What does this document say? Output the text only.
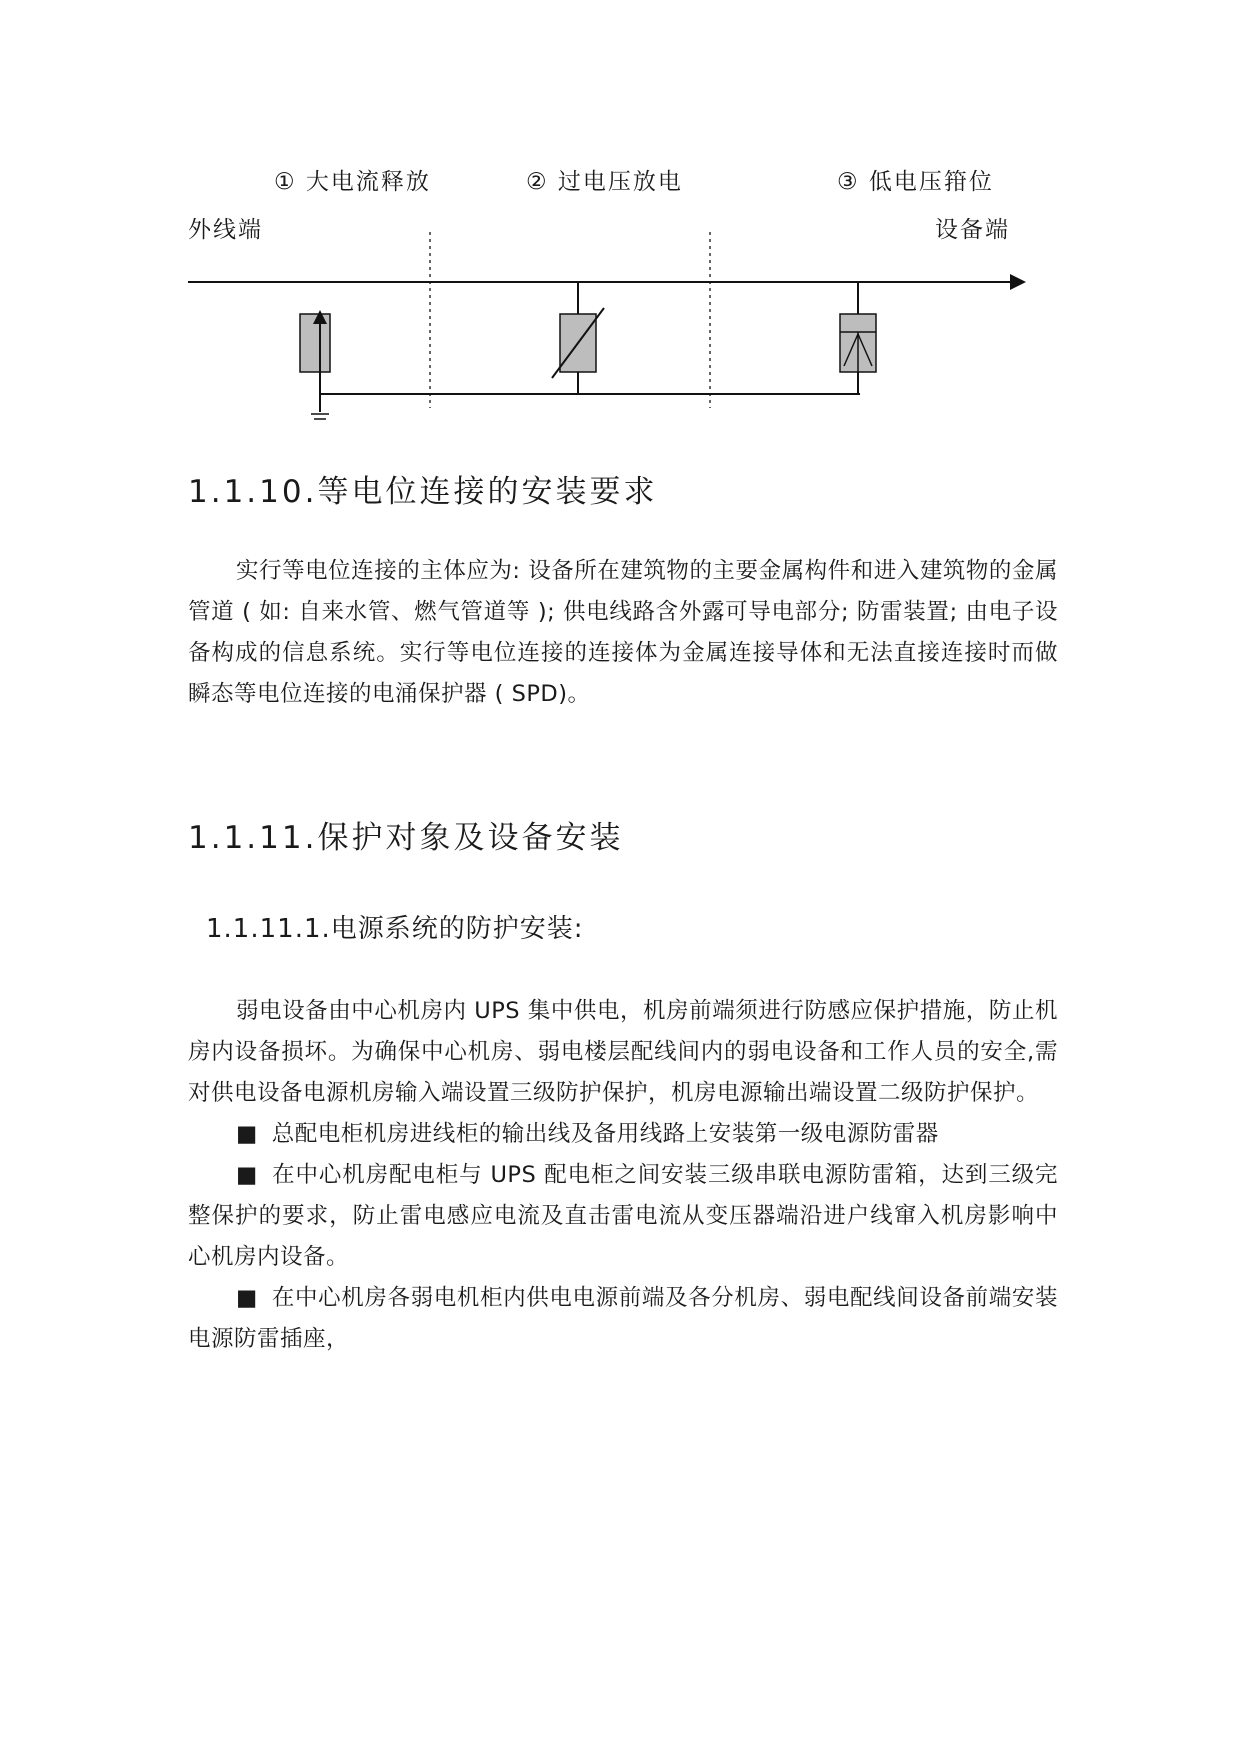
① 大电流释放	② 过电压放电	③ 低电压箝位
外线端	设备端
1.1.10.等电位连接的安装要求

实行等电位连接的主体应为: 设备所在建筑物的主要金属构件和进入建筑物的金属管道 ( 如: 自来水管、燃气管道等 ); 供电线路含外露可导电部分; 防雷装置; 由电子设备构成的信息系统。实行等电位连接的连接体为金属连接导体和无法直接连接时而做瞬态等电位连接的电涌保护器 ( SPD)。

1.1.11.保护对象及设备安装
1.1.11.1.电源系统的防护安装:

弱电设备由中心机房内 UPS 集中供电，机房前端须进行防感应保护措施，防止机房内设备损坏。为确保中心机房、弱电楼层配线间内的弱电设备和工作人员的安全,需对供电设备电源机房输入端设置三级防护保护，机房电源输出端设置二级防护保护。

■ 总配电柜机房进线柜的输出线及备用线路上安装第一级电源防雷器

■ 在中心机房配电柜与 UPS 配电柜之间安装三级串联电源防雷箱，达到三级完整保护的要求，防止雷电感应电流及直击雷电流从变压器端沿进户线窜入机房影响中心机房内设备。

■ 在中心机房各弱电机柜内供电电源前端及各分机房、弱电配线间设备前端安装电源防雷插座，
